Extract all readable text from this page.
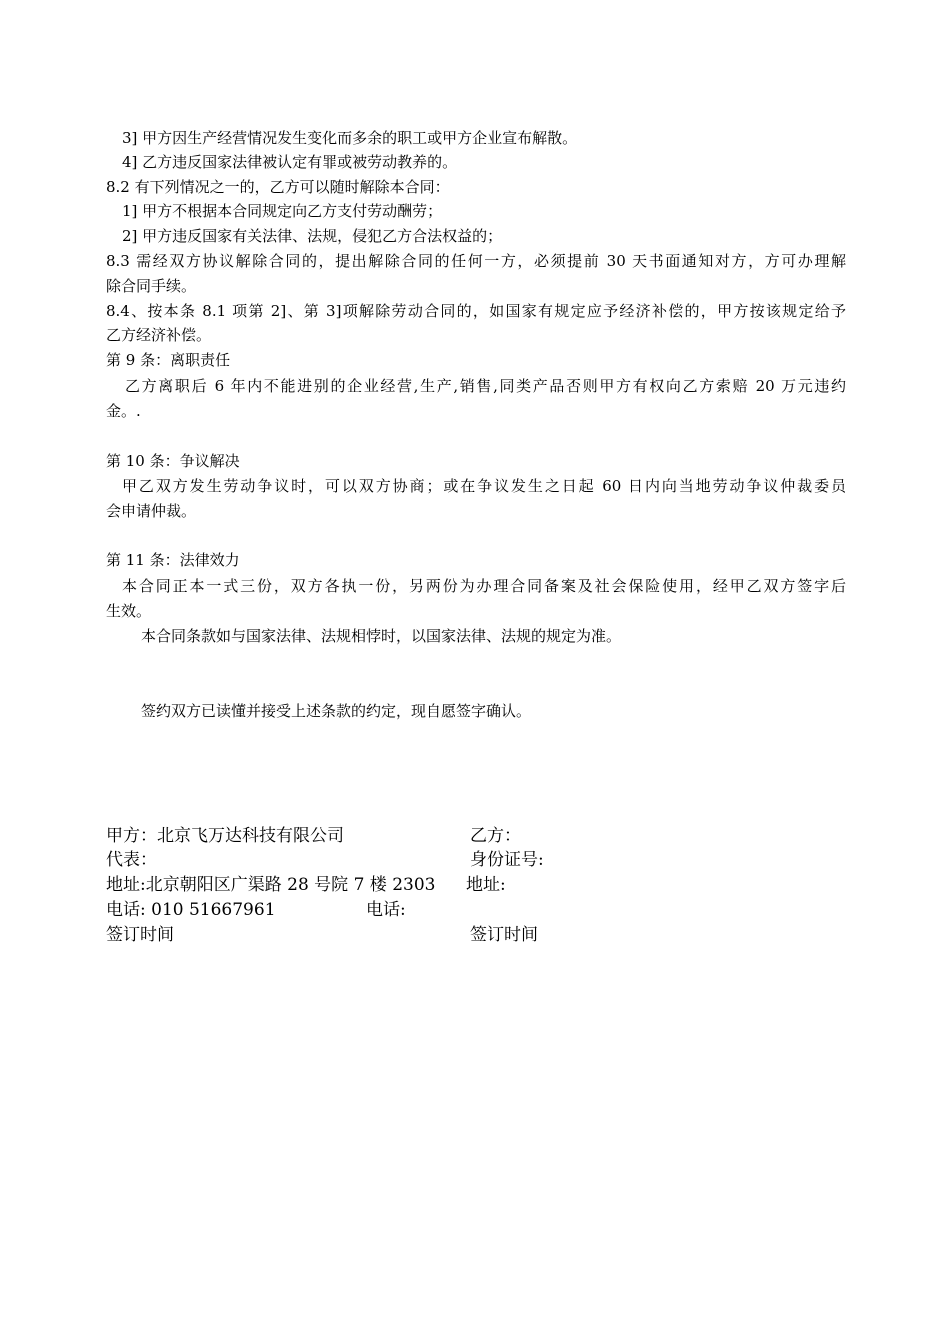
3] 甲方因生产经营情况发生变化而多余的职工或甲方企业宣布解散。
4] 乙方违反国家法律被认定有罪或被劳动教养的。
8.2 有下列情况之一的，乙方可以随时解除本合同：
1] 甲方不根据本合同规定向乙方支付劳动酬劳；
2] 甲方违反国家有关法律、法规，侵犯乙方合法权益的；
8.3 需经双方协议解除合同的，提出解除合同的任何一方，必须提前 30 天书面通知对方，方可办理解
除合同手续。
8.4、按本条 8.1 项第 2]、第 3]项解除劳动合同的，如国家有规定应予经济补偿的，甲方按该规定给予
乙方经济补偿。
第 9 条：离职责任
乙方离职后 6 年内不能进别的企业经营,生产,销售,同类产品否则甲方有权向乙方索赔 20 万元违约
金。.
第 10 条：争议解决
甲乙双方发生劳动争议时，可以双方协商；或在争议发生之日起 60 日内向当地劳动争议仲裁委员
会申请仲裁。
第 11 条：法律效力
本合同正本一式三份，双方各执一份，另两份为办理合同备案及社会保险使用，经甲乙双方签字后
生效。
本合同条款如与国家法律、法规相悖时，以国家法律、法规的规定为准。
签约双方已读懂并接受上述条款的约定，现自愿签字确认。
甲方：北京飞万达科技有限公司	乙方：
代表：	身份证号:
地址:北京朝阳区广渠路 28 号院 7 楼 2303 地址:
电话: 010 51667961	电话:
签订时间	签订时间
